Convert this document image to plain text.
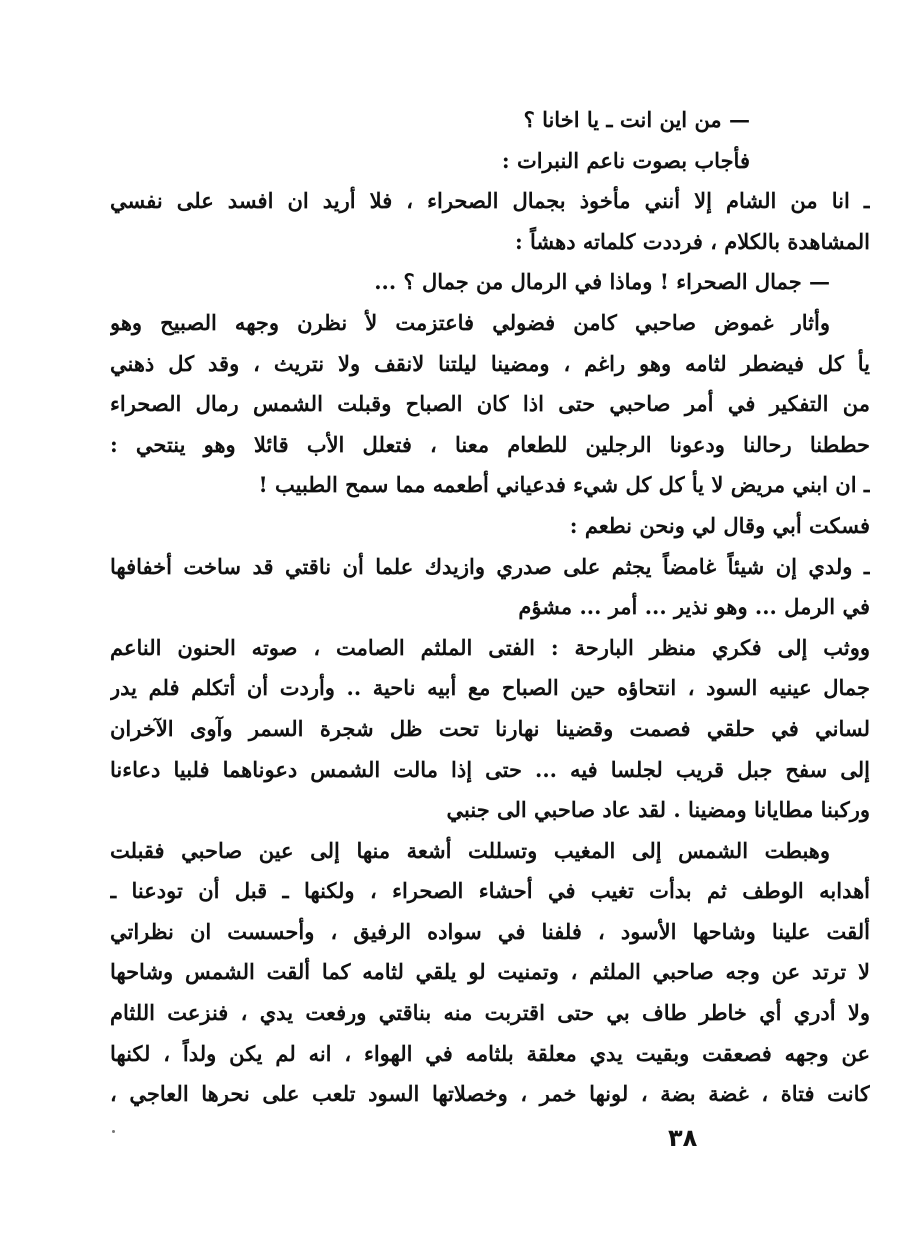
— من اين انت ـ يا اخانا ؟
فأجاب بصوت ناعم النبرات :
ـ انا من الشام إلا أنني مأخوذ بجمال الصحراء ، فلا أريد ان افسد على نفسي
المشاهدة بالكلام ، فرددت كلماته دهشاً :
— جمال الصحراء ! وماذا في الرمال من جمال ؟ ...
وأثار غموض صاحبي كامن فضولي فاعتزمت لأ نظرن وجهه الصبيح وهو
يأ كل فيضطر لثامه وهو راغم ، ومضينا ليلتنا لانقف ولا نتريث ، وقد كل ذهني
من التفكير في أمر صاحبي حتى اذا كان الصباح وقبلت الشمس رمال الصحراء
حططنا رحالنا ودعونا الرجلين للطعام معنا ، فتعلل الأب قائلا وهو ينتحي :
ـ ان ابني مريض لا يأ كل كل شيء فدعياني أطعمه مما سمح الطبيب !
فسكت أبي وقال لي ونحن نطعم :
ـ ولدي إن شيئاً غامضاً يجثم على صدري وازيدك علما أن ناقتي قد ساخت أخفافها
في الرمل ... وهو نذير ... أمر ... مشؤم
ووثب إلى فكري منظر البارحة : الفتى الملثم الصامت ، صوته الحنون الناعم
جمال عينيه السود ، انتحاؤه حين الصباح مع أبيه ناحية .. وأردت أن أتكلم فلم يدر
لساني في حلقي فصمت وقضينا نهارنا تحت ظل شجرة السمر وآوى الآخران
إلى سفح جبل قريب لجلسا فيه ... حتى إذا مالت الشمس دعوناهما فلبيا دعاءنا
وركبنا مطايانا ومضينا . لقد عاد صاحبي الى جنبي
وهبطت الشمس إلى المغيب وتسللت أشعة منها إلى عين صاحبي فقبلت
أهدابه الوطف ثم بدأت تغيب في أحشاء الصحراء ، ولكنها ـ قبل أن تودعنا ـ
ألقت علينا وشاحها الأسود ، فلفنا في سواده الرفيق ، وأحسست ان نظراتي
لا ترتد عن وجه صاحبي الملثم ، وتمنيت لو يلقي لثامه كما ألقت الشمس وشاحها
ولا أدري أي خاطر طاف بي حتى اقتربت منه بناقتي ورفعت يدي ، فنزعت اللثام
عن وجهه فصعقت وبقيت يدي معلقة بلثامه في الهواء ، انه لم يكن ولداً ، لكنها
كانت فتاة ، غضة بضة ، لونها خمر ، وخصلاتها السود تلعب على نحرها العاجي ،
٣٨
